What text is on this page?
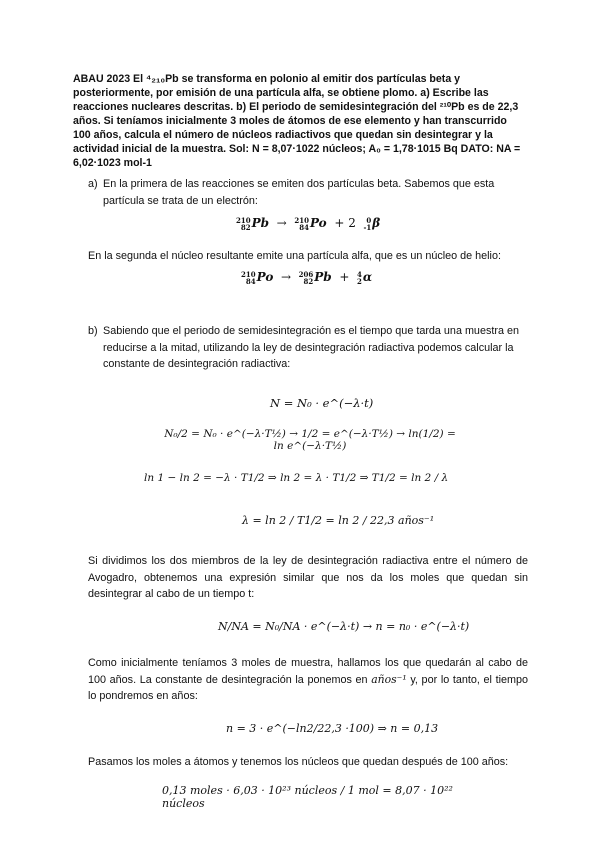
ABAU 2023 El ⁴₂₁₀Pb se transforma en polonio al emitir dos partículas beta y posteriormente, por emisión de una partícula alfa, se obtiene plomo. a) Escribe las reacciones nucleares descritas. b) El periodo de semidesintegración del ²¹⁰Pb es de 22,3 años. Si teníamos inicialmente 3 moles de átomos de ese elemento y han transcurrido 100 años, calcula el número de núcleos radiactivos que quedan sin desintegrar y la actividad inicial de la muestra. Sol: N = 8,07·1022 núcleos; A₀ = 1,78·1015 Bq DATO: NA = 6,02·1023 mol-1
a) En la primera de las reacciones se emiten dos partículas beta. Sabemos que esta partícula se trata de un electrón:
210
82 Pb  → 210
84 Po + 2	0
-1 β
En la segunda el núcleo resultante emite una partícula alfa, que es un núcleo de helio:
210
84 Po  → 206
82 Pb + 4
2 α
b) Sabiendo que el periodo de semidesintegración es el tiempo que tarda una muestra en reducirse a la mitad, utilizando la ley de desintegración radiactiva podemos calcular la constante de desintegración radiactiva:
N = N₀ · e^(−λ·t)
N₀/2 = N₀ · e^(−λ·T½) → 1/2 = e^(−λ·T½) → ln(1/2) = ln e^(−λ·T½)
ln 1 − ln 2 = −λ · T1/2 ⇒ ln 2 = λ · T1/2 ⇒ T1/2 = ln 2 / λ
λ = ln 2 / T1/2 = ln 2 / 22,3 años⁻¹
Si dividimos los dos miembros de la ley de desintegración radiactiva entre el número de Avogadro, obtenemos una expresión similar que nos da los moles que quedan sin desintegrar al cabo de un tiempo t:
N/NA = N₀/NA · e^(−λ·t) → n = n₀ · e^(−λ·t)
Como inicialmente teníamos 3 moles de muestra, hallamos los que quedarán al cabo de 100 años. La constante de desintegración la ponemos en años⁻¹ y, por lo tanto, el tiempo lo pondremos en años:
n = 3 · e^(−ln2/22,3 ·100) ⇒ n = 0,13
Pasamos los moles a átomos y tenemos los núcleos que quedan después de 100 años:
0,13 moles · 6,03 · 10²³ núcleos / 1 mol = 8,07 · 10²² núcleos
